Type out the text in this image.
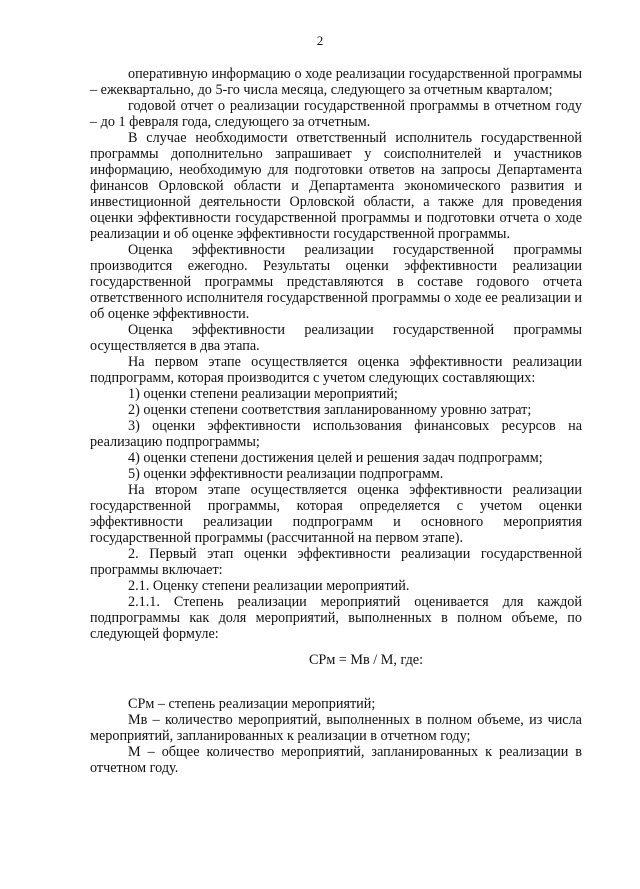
2

оперативную информацию о ходе реализации государственной программы – ежеквартально, до 5-го числа месяца, следующего за отчетным кварталом;

годовой отчет о реализации государственной программы в отчетном году – до 1 февраля года, следующего за отчетным.

В случае необходимости ответственный исполнитель государственной программы дополнительно запрашивает у соисполнителей и участников информацию, необходимую для подготовки ответов на запросы Департамента финансов Орловской области и Департамента экономического развития и инвестиционной деятельности Орловской области, а также для проведения оценки эффективности государственной программы и подготовки отчета о ходе реализации и об оценке эффективности государственной программы.

Оценка эффективности реализации государственной программы производится ежегодно. Результаты оценки эффективности реализации государственной программы представляются в составе годового отчета ответственного исполнителя государственной программы о ходе ее реализации и об оценке эффективности.

Оценка эффективности реализации государственной программы осуществляется в два этапа.

На первом этапе осуществляется оценка эффективности реализации подпрограмм, которая производится с учетом следующих составляющих:

1) оценки степени реализации мероприятий;

2) оценки степени соответствия запланированному уровню затрат;

3) оценки эффективности использования финансовых ресурсов на реализацию подпрограммы;

4) оценки степени достижения целей и решения задач подпрограмм;

5) оценки эффективности реализации подпрограмм.

На втором этапе осуществляется оценка эффективности реализации государственной программы, которая определяется с учетом оценки эффективности реализации подпрограмм и основного мероприятия государственной программы (рассчитанной на первом этапе).

2. Первый этап оценки эффективности реализации государственной программы включает:

2.1. Оценку степени реализации мероприятий.

2.1.1. Степень реализации мероприятий оценивается для каждой подпрограммы как доля мероприятий, выполненных в полном объеме, по следующей формуле:

СРм = Мв / М, где:

СРм – степень реализации мероприятий;

Мв – количество мероприятий, выполненных в полном объеме, из числа мероприятий, запланированных к реализации в отчетном году;

М – общее количество мероприятий, запланированных к реализации в отчетном году.
